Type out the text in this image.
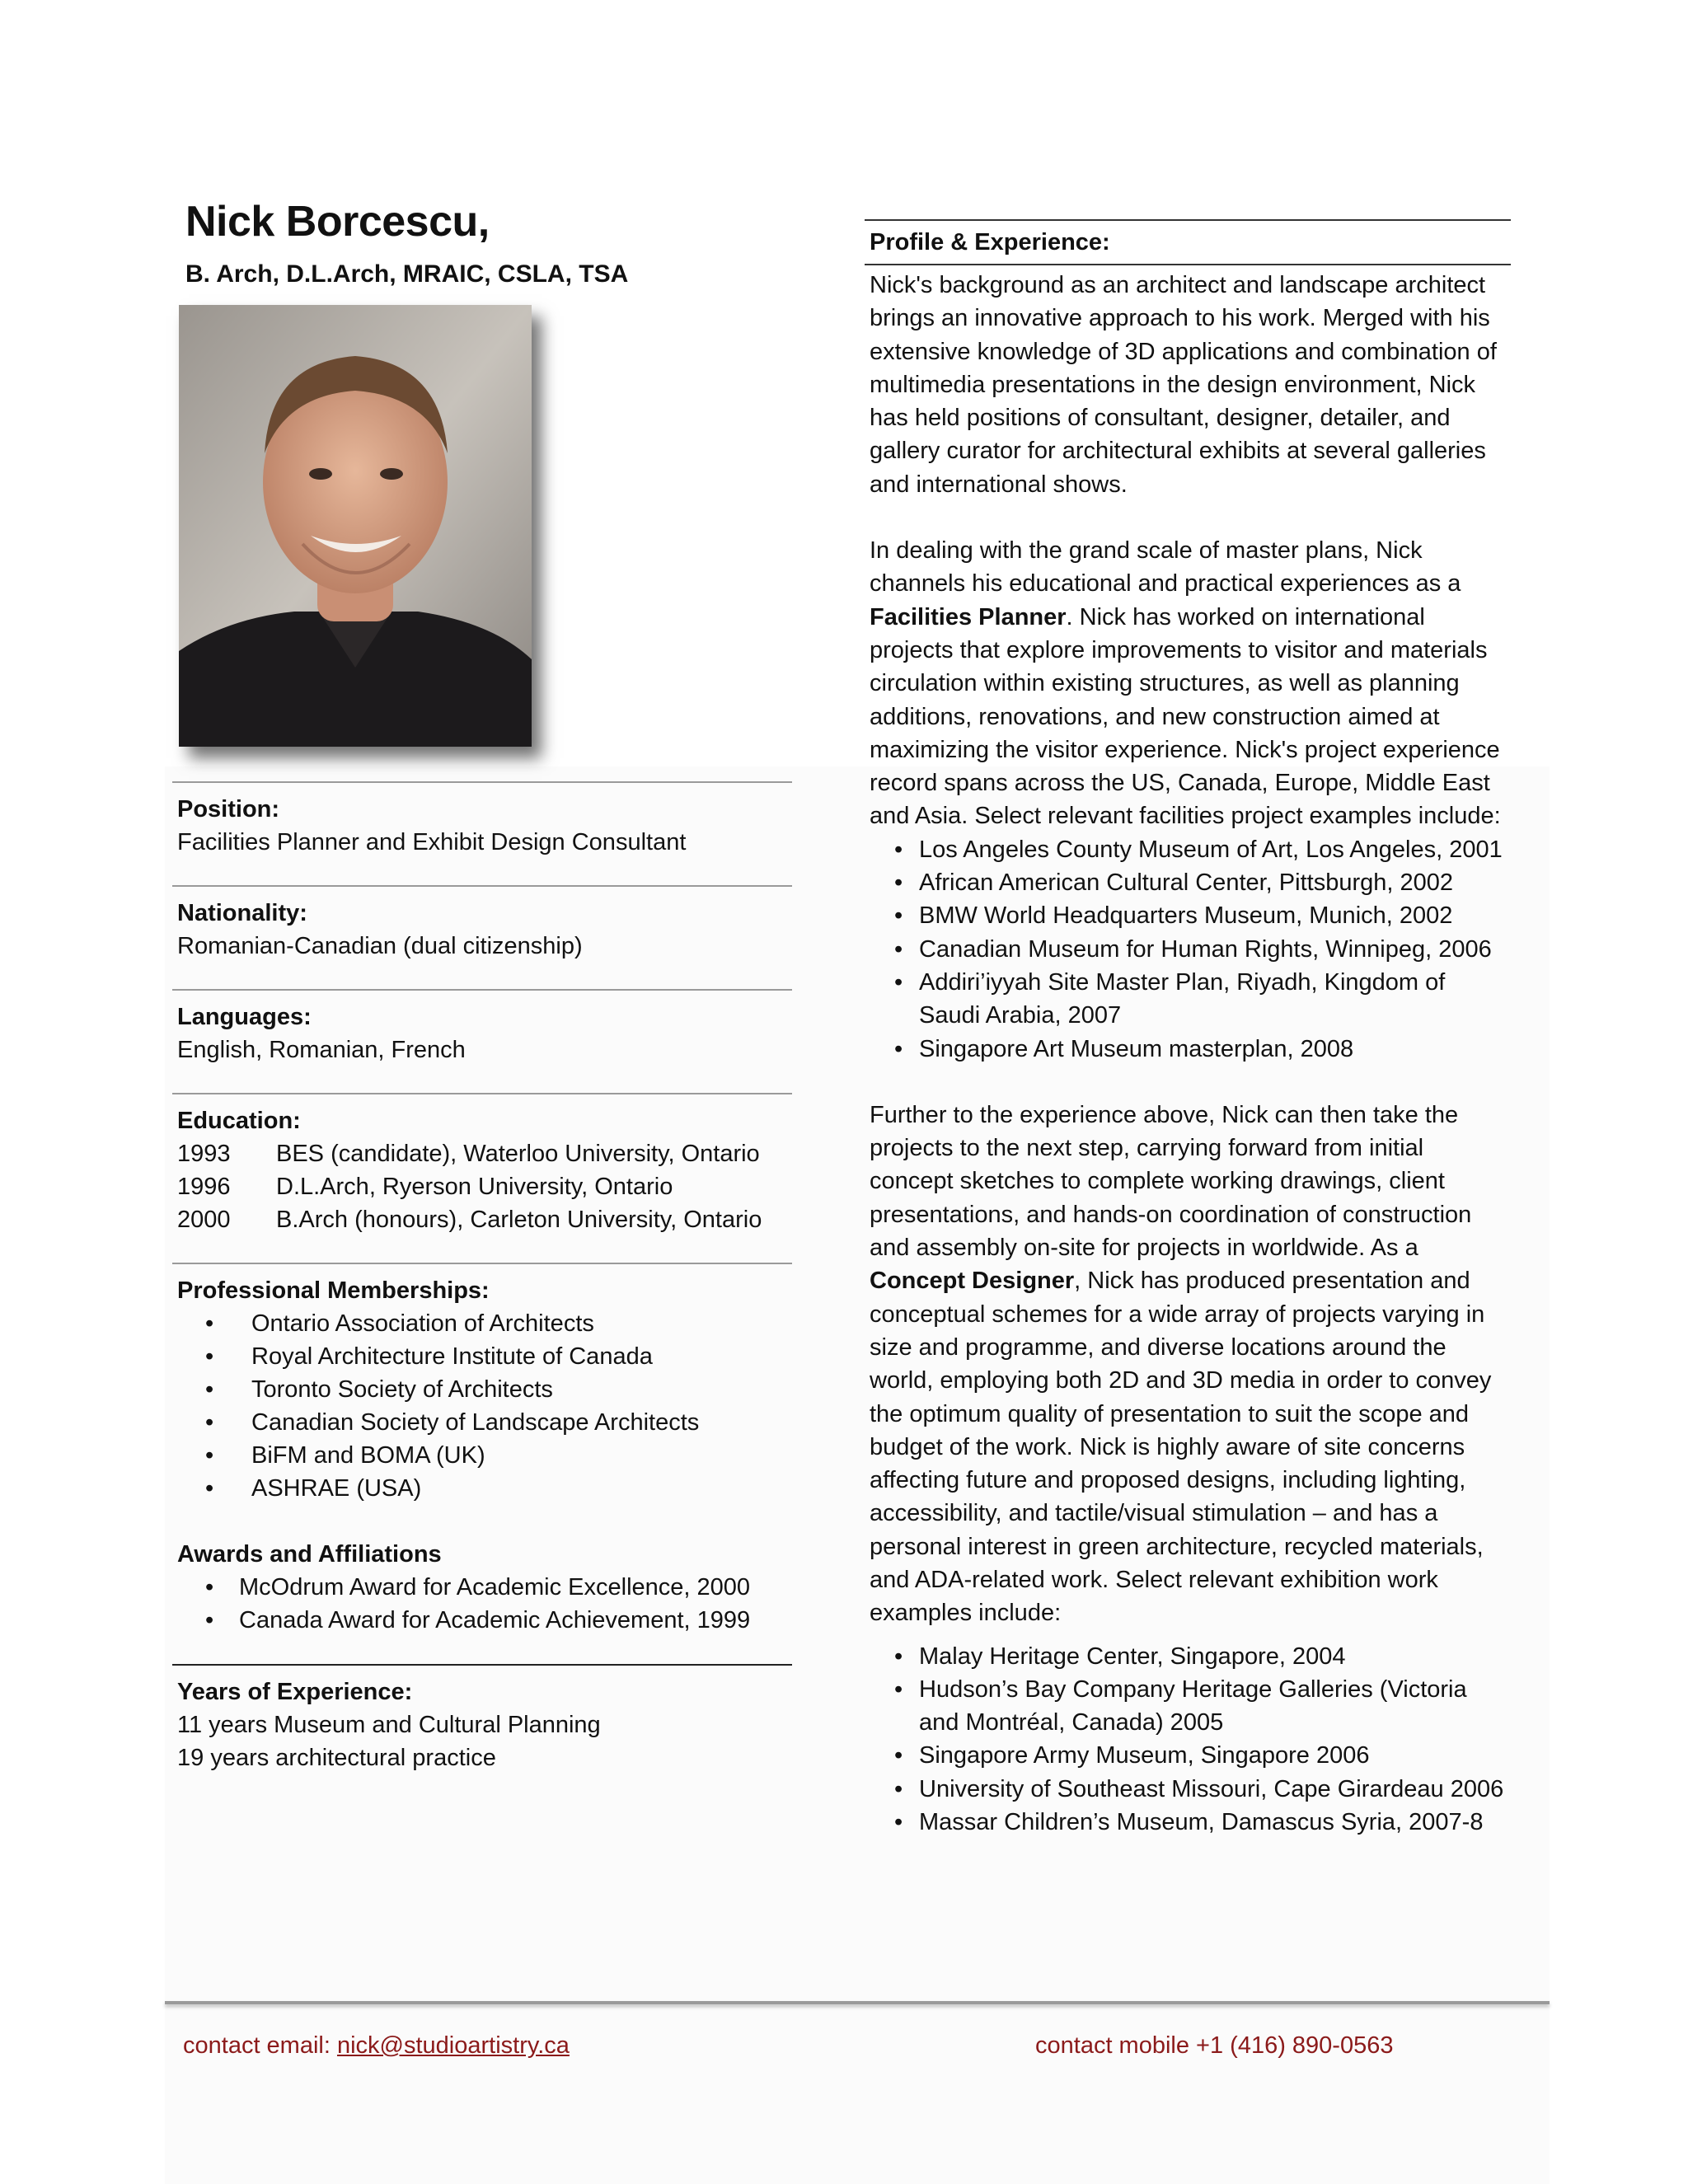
Nick Borcescu,
B. Arch, D.L.Arch, MRAIC, CSLA, TSA
Position:
Facilities Planner and Exhibit Design Consultant
Nationality:
Romanian-Canadian (dual citizenship)
Languages:
English, Romanian, French
Education:
1993	BES (candidate), Waterloo University, Ontario
1996	D.L.Arch, Ryerson University, Ontario
2000	B.Arch (honours), Carleton University, Ontario
Professional Memberships:
• Ontario Association of Architects
• Royal Architecture Institute of Canada
• Toronto Society of Architects
• Canadian Society of Landscape Architects
• BiFM and BOMA (UK)
• ASHRAE (USA)
Awards and Affiliations
• McOdrum Award for Academic Excellence, 2000
• Canada Award for Academic Achievement, 1999
Years of Experience:
11 years Museum and Cultural Planning
19 years architectural practice
Profile & Experience:

Nick's background as an architect and landscape architect brings an innovative approach to his work. Merged with his extensive knowledge of 3D applications and combination of multimedia presentations in the design environment, Nick has held positions of consultant, designer, detailer, and gallery curator for architectural exhibits at several galleries and international shows.

In dealing with the grand scale of master plans, Nick channels his educational and practical experiences as a Facilities Planner. Nick has worked on international projects that explore improvements to visitor and materials circulation within existing structures, as well as planning additions, renovations, and new construction aimed at maximizing the visitor experience. Nick's project experience record spans across the US, Canada, Europe, Middle East and Asia. Select relevant facilities project examples include:

• Los Angeles County Museum of Art, Los Angeles, 2001
• African American Cultural Center, Pittsburgh, 2002
• BMW World Headquarters Museum, Munich, 2002
• Canadian Museum for Human Rights, Winnipeg, 2006
• Addiri’iyyah Site Master Plan, Riyadh, Kingdom of Saudi Arabia, 2007
• Singapore Art Museum masterplan, 2008

Further to the experience above, Nick can then take the projects to the next step, carrying forward from initial concept sketches to complete working drawings, client presentations, and hands-on coordination of construction and assembly on-site for projects in worldwide. As a Concept Designer, Nick has produced presentation and conceptual schemes for a wide array of projects varying in size and programme, and diverse locations around the world, employing both 2D and 3D media in order to convey the optimum quality of presentation to suit the scope and budget of the work. Nick is highly aware of site concerns affecting future and proposed designs, including lighting, accessibility, and tactile/visual stimulation – and has a personal interest in green architecture, recycled materials, and ADA-related work. Select relevant exhibition work examples include:

• Malay Heritage Center, Singapore, 2004
• Hudson’s Bay Company Heritage Galleries (Victoria and Montréal, Canada) 2005
• Singapore Army Museum, Singapore 2006
• University of Southeast Missouri, Cape Girardeau 2006
• Massar Children’s Museum, Damascus Syria, 2007-8
contact email: nick@studioartistry.ca	contact mobile +1 (416) 890-0563
